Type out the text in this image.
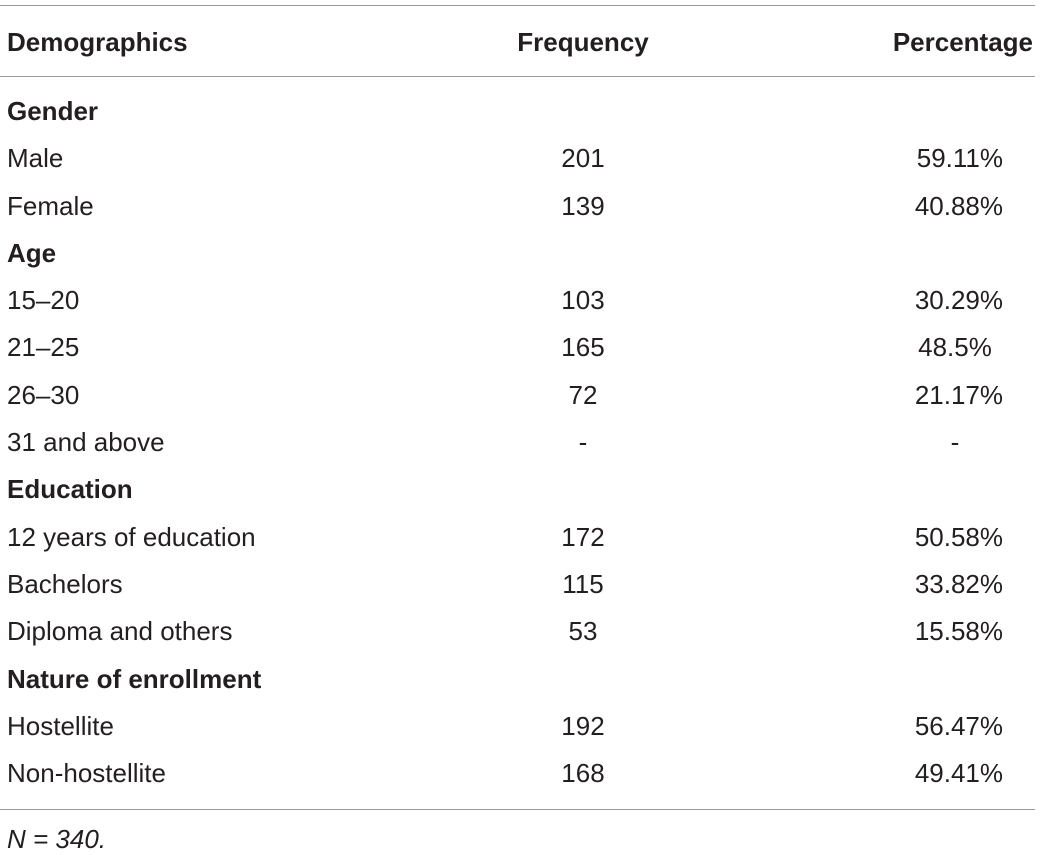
Demographics	Frequency	Percentage
Gender
Male	201	59.11%
Female	139	40.88%
Age
15–20	103	30.29%
21–25	165	48.5%
26–30	72	21.17%
31 and above	-	-
Education
12 years of education	172	50.58%
Bachelors	115	33.82%
Diploma and others	53	15.58%
Nature of enrollment
Hostellite	192	56.47%
Non-hostellite	168	49.41%
N = 340.
